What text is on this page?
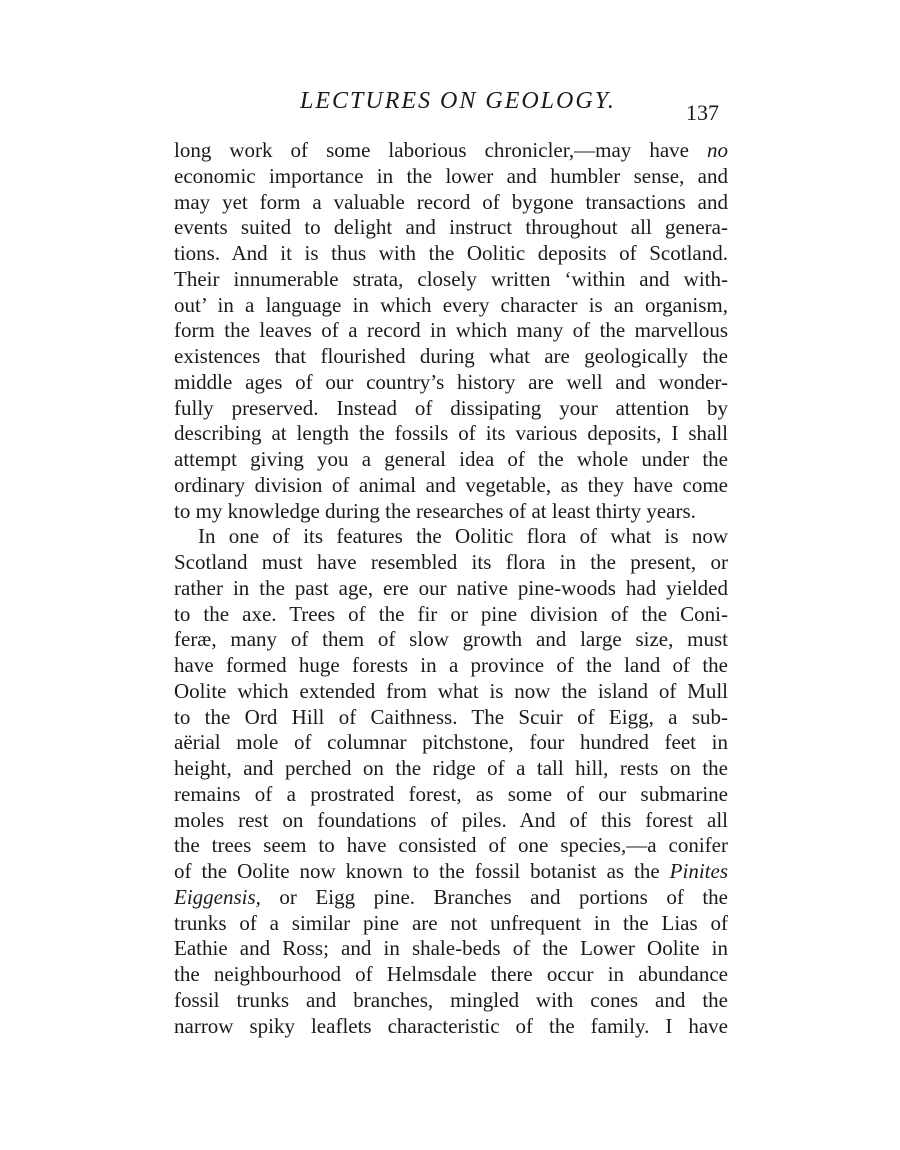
LECTURES ON GEOLOGY.	137
long work of some laborious chronicler,—may have no
economic importance in the lower and humbler sense, and
may yet form a valuable record of bygone transactions and
events suited to delight and instruct throughout all genera-
tions. And it is thus with the Oolitic deposits of Scotland.
Their innumerable strata, closely written ‘within and with-
out’ in a language in which every character is an organism,
form the leaves of a record in which many of the marvellous
existences that flourished during what are geologically the
middle ages of our country’s history are well and wonder-
fully preserved. Instead of dissipating your attention by
describing at length the fossils of its various deposits, I shall
attempt giving you a general idea of the whole under the
ordinary division of animal and vegetable, as they have come
to my knowledge during the researches of at least thirty years.
In one of its features the Oolitic flora of what is now
Scotland must have resembled its flora in the present, or
rather in the past age, ere our native pine-woods had yielded
to the axe. Trees of the fir or pine division of the Coni-
feræ, many of them of slow growth and large size, must
have formed huge forests in a province of the land of the
Oolite which extended from what is now the island of Mull
to the Ord Hill of Caithness. The Scuir of Eigg, a sub-
aërial mole of columnar pitchstone, four hundred feet in
height, and perched on the ridge of a tall hill, rests on the
remains of a prostrated forest, as some of our submarine
moles rest on foundations of piles. And of this forest all
the trees seem to have consisted of one species,—a conifer
of the Oolite now known to the fossil botanist as the Pinites
Eiggensis, or Eigg pine. Branches and portions of the
trunks of a similar pine are not unfrequent in the Lias of
Eathie and Ross; and in shale-beds of the Lower Oolite in
the neighbourhood of Helmsdale there occur in abundance
fossil trunks and branches, mingled with cones and the
narrow spiky leaflets characteristic of the family. I have
